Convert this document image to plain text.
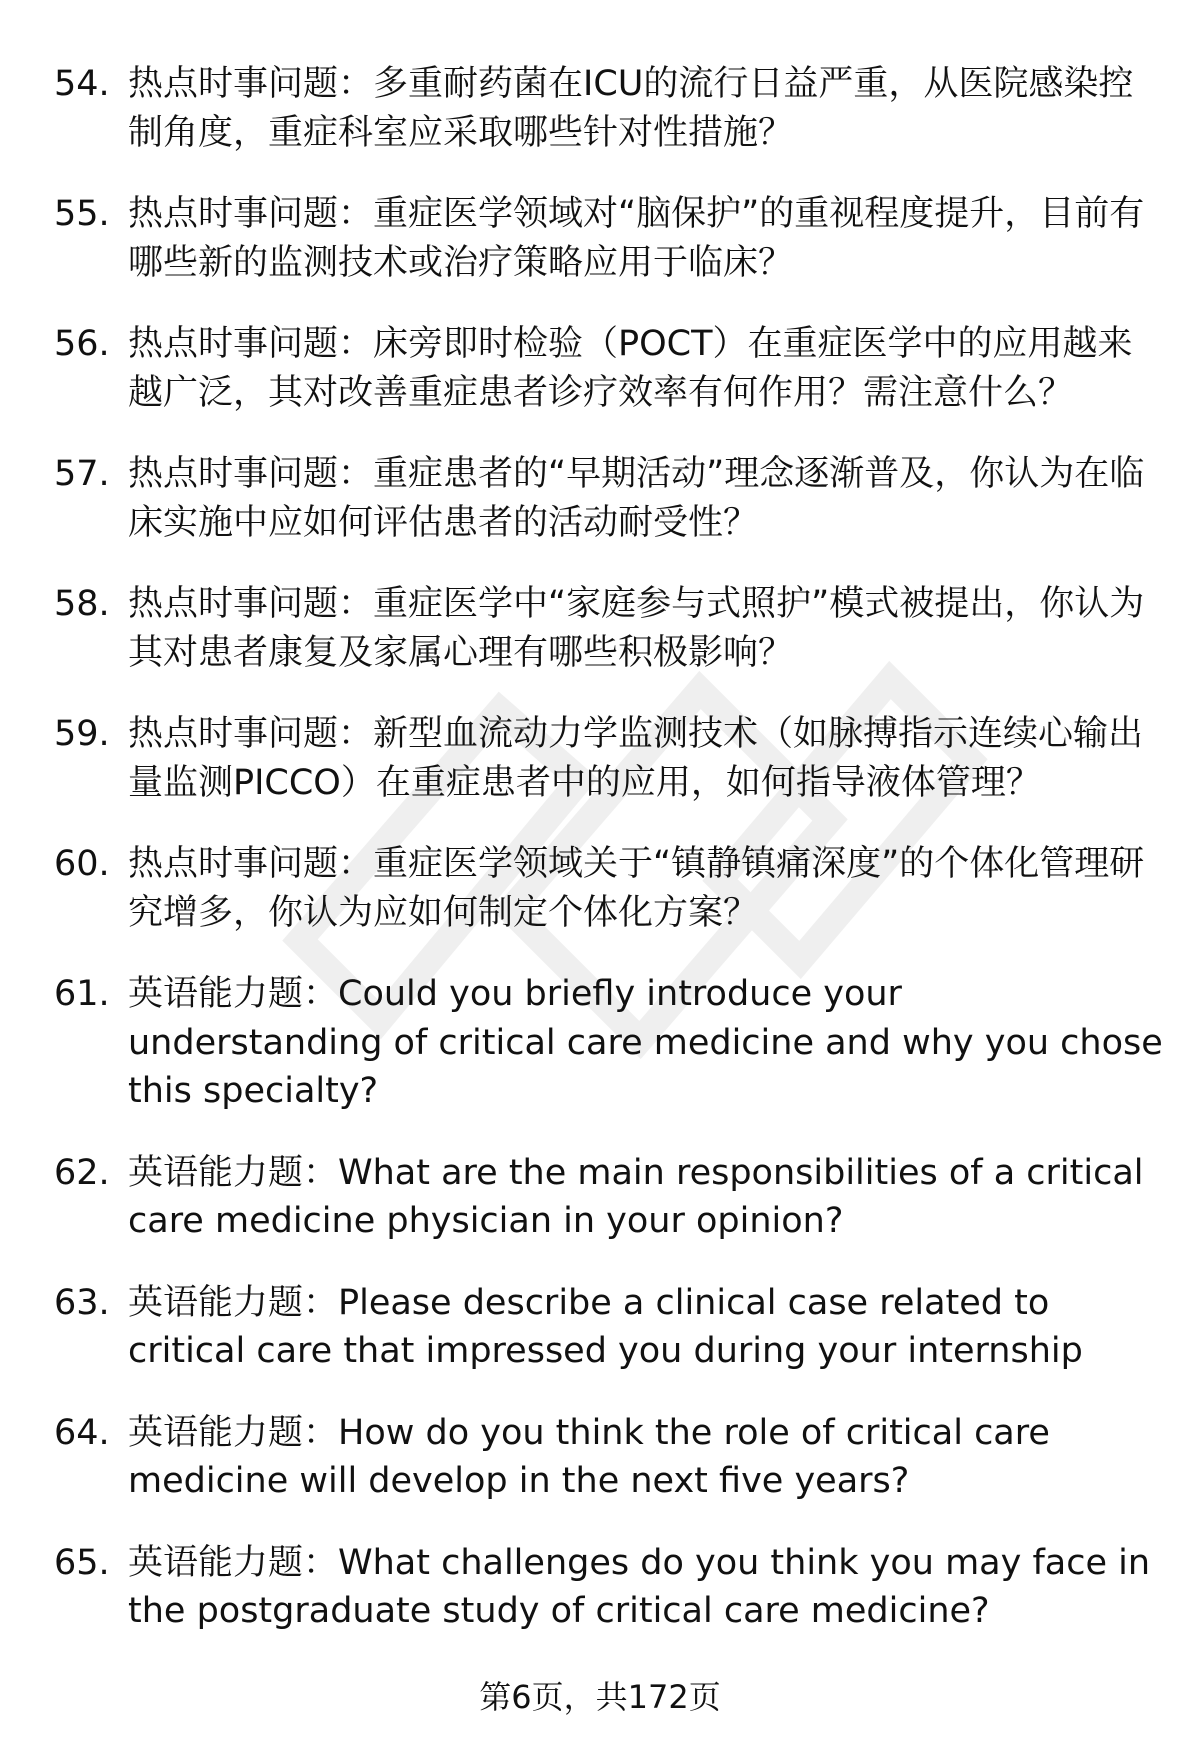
54. 热点时事问题：多重耐药菌在ICU的流行日益严重，从医院感染控制角度，重症科室应采取哪些针对性措施？
55. 热点时事问题：重症医学领域对“脑保护”的重视程度提升，目前有哪些新的监测技术或治疗策略应用于临床？
56. 热点时事问题：床旁即时检验（POCT）在重症医学中的应用越来越广泛，其对改善重症患者诊疗效率有何作用？需注意什么？
57. 热点时事问题：重症患者的“早期活动”理念逐渐普及，你认为在临床实施中应如何评估患者的活动耐受性？
58. 热点时事问题：重症医学中“家庭参与式照护”模式被提出，你认为其对患者康复及家属心理有哪些积极影响？
59. 热点时事问题：新型血流动力学监测技术（如脉搏指示连续心输出量监测PICCO）在重症患者中的应用，如何指导液体管理？
60. 热点时事问题：重症医学领域关于“镇静镇痛深度”的个体化管理研究增多，你认为应如何制定个体化方案？
61. 英语能力题：Could you briefly introduce your understanding of critical care medicine and why you chose this specialty?
62. 英语能力题：What are the main responsibilities of a critical care medicine physician in your opinion?
63. 英语能力题：Please describe a clinical case related to critical care that impressed you during your internship
64. 英语能力题：How do you think the role of critical care medicine will develop in the next five years?
65. 英语能力题：What challenges do you think you may face in the postgraduate study of critical care medicine?
第6页，共172页
